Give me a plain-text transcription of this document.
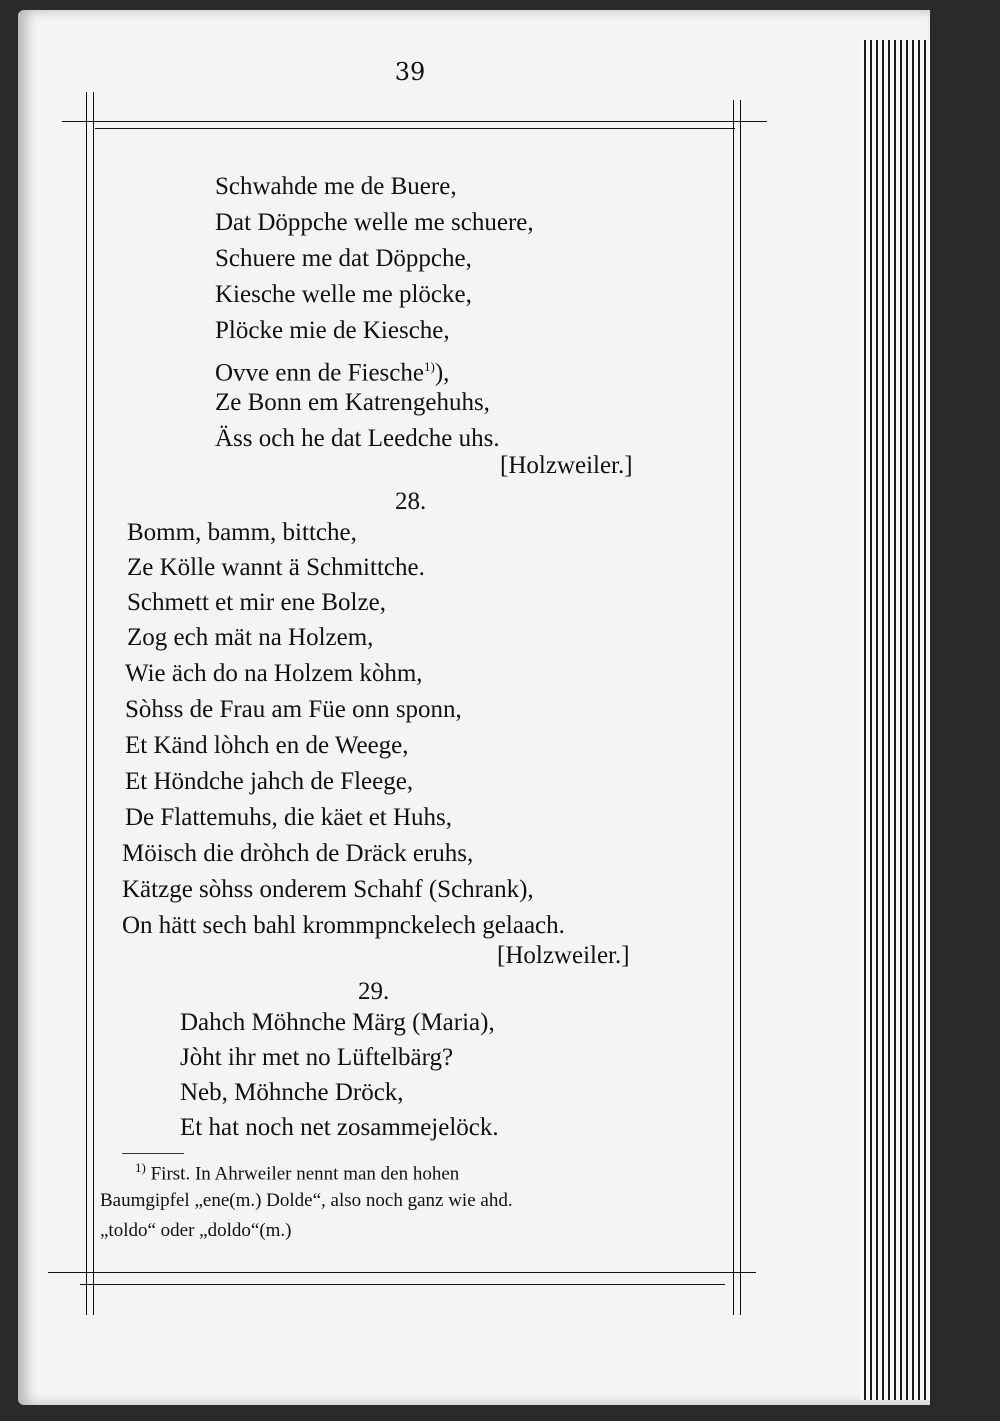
39
Schwahde me de Buere,
Dat Döppche welle me schuere,
Schuere me dat Döppche,
Kiesche welle me plöcke,
Plöcke mie de Kiesche,
Ovve enn de Fiesche$^{1)}$),
Ze Bonn em Katrengehuhs,
Äss och he dat Leedche uhs.
[Holzweiler.]
28.
Bomm, bamm, bittche,
Ze Kölle wannt ä Schmittche.
Schmett et mir ene Bolze,
Zog ech mät na Holzem,
Wie äch do na Holzem kòhm,
Sòhss de Frau am Füe onn sponn,
Et Känd lòhch en de Weege,
Et Höndche jahch de Fleege,
De Flattemuhs, die käet et Huhs,
Möisch die dròhch de Dräck eruhs,
Kätzge sòhss onderem Schahf (Schrank),
On hätt sech bahl krommpnckelech gelaach.
[Holzweiler.]
29.
Dahch Möhnche Märg (Maria),
Jòht ihr met no Lüftelbärg?
Neb, Möhnche Dröck,
Et hat noch net zosammejelöck.
$^{1)}$ First. In Ahrweiler nennt man den hohen
Baumgipfel „ene(m.) Dolde“, also noch ganz wie ahd.
„toldo“ oder „doldo“(m.)
